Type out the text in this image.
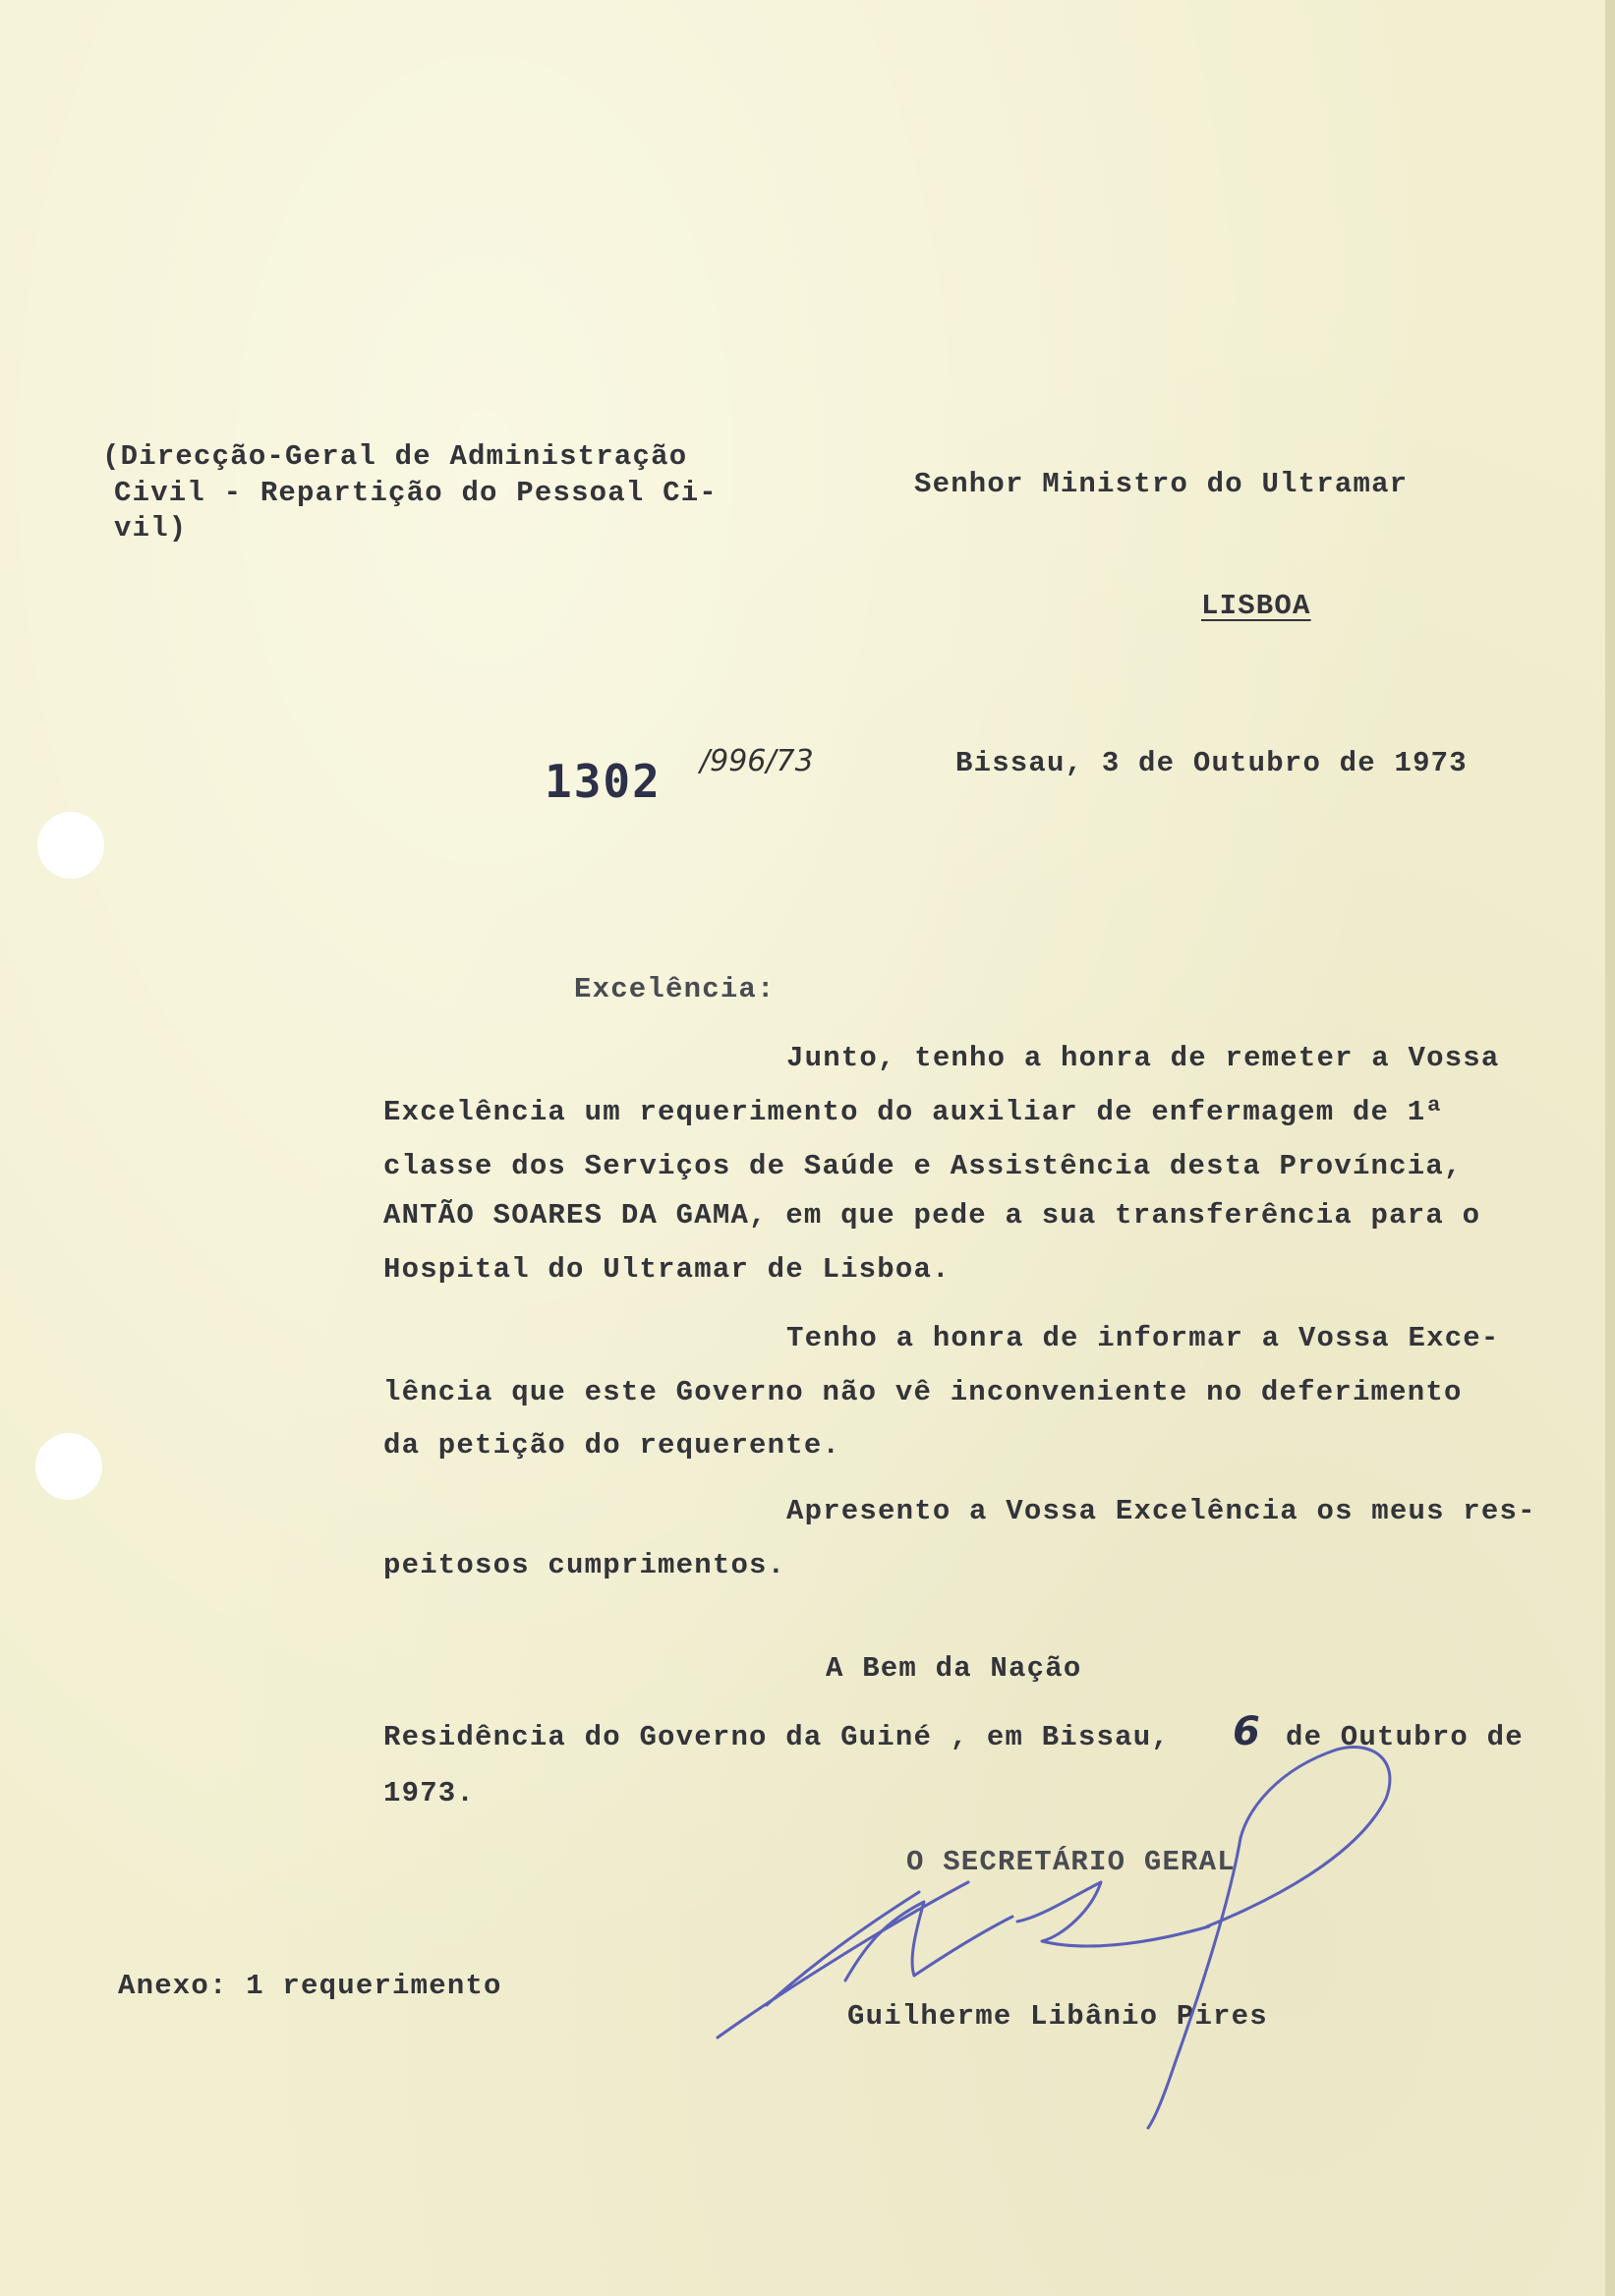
(Direcção-Geral de Administração
Civil - Repartição do Pessoal Ci-
vil)
Senhor Ministro do Ultramar
LISBOA
1302 /996/73	Bissau, 3 de Outubro de 1973
Excelência:
Junto, tenho a honra de remeter a Vossa
Excelência um requerimento do auxiliar de enfermagem de 1ª
classe dos Serviços de Saúde e Assistência desta Província,
ANTÃO SOARES DA GAMA, em que pede a sua transferência para o
Hospital do Ultramar de Lisboa.
Tenho a honra de informar a Vossa Exce-
lência que este Governo não vê inconveniente no deferimento
da petição do requerente.
Apresento a Vossa Excelência os meus res-
peitosos cumprimentos.
A Bem da Nação
Residência do Governo da Guiné , em Bissau, 6 de Outubro de
1973.
O SECRETÁRIO GERAL
Anexo: 1 requerimento
Guilherme Libânio Pires
